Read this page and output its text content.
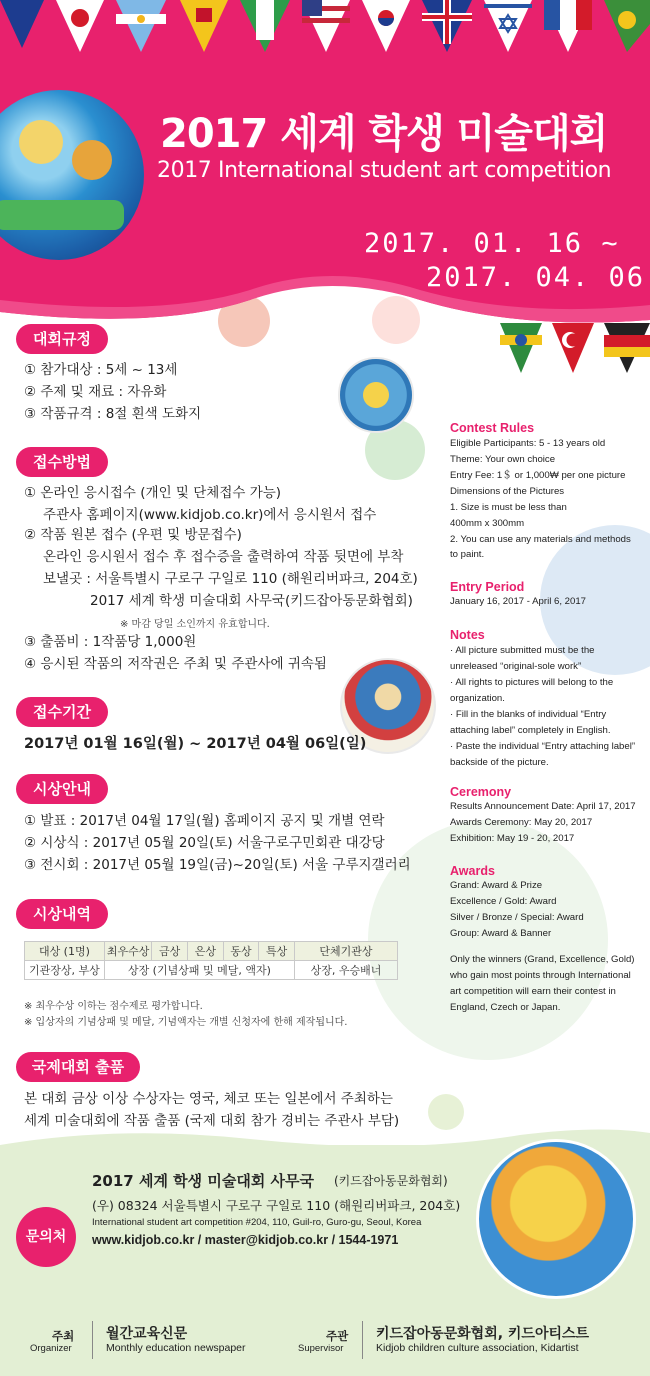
2017 세계 학생 미술대회
2017 International student art competition
2017. 01. 16 ~
2017. 04. 06
대회규정
① 참가대상 : 5세 ~ 13세
② 주제 및 재료 : 자유화
③ 작품규격 : 8절 흰색 도화지
접수방법
① 온라인 응시접수 (개인 및 단체접수 가능)
주관사 홈페이지(www.kidjob.co.kr)에서 응시원서 접수
② 작품 원본 접수 (우편 및 방문접수)
온라인 응시원서 접수 후 접수증을 출력하여 작품 뒷면에 부착
보낼곳 : 서울특별시 구로구 구일로 110 (해원리버파크, 204호)
2017 세계 학생 미술대회 사무국(키드잡아동문화협회)
※ 마감 당일 소인까지 유효합니다.
③ 출품비 : 1작품당 1,000원
④ 응시된 작품의 저작권은 주최 및 주관사에 귀속됨
접수기간
2017년 01월 16일(월) ~ 2017년 04월 06일(일)
시상안내
① 발표 : 2017년 04월 17일(월) 홈페이지 공지 및 개별 연락
② 시상식 : 2017년 05월 20일(토) 서울구로구민회관 대강당
③ 전시회 : 2017년 05월 19일(금)~20일(토) 서울 구루지갤러리
시상내역
대상 (1명)	최우수상	금상	은상	동상	특상	단체기관상
기관장상, 부상	상장 (기념상패 및 메달, 액자)					상장, 우승배너
※ 최우수상 이하는 점수제로 평가합니다.
※ 입상자의 기념상패 및 메달, 기념액자는 개별 신청자에 한해 제작됩니다.
국제대회 출품
본 대회 금상 이상 수상자는 영국, 체코 또는 일본에서 주최하는
세계 미술대회에 작품 출품 (국제 대회 참가 경비는 주관사 부담)
Contest Rules
Eligible Participants: 5 - 13 years old
Theme: Your own choice
Entry Fee: 1＄ or 1,000₩ per one picture
Dimensions of the Pictures
1. Size is must be less than
400mm x 300mm
2. You can use any materials and methods
to paint.
Entry Period
January 16, 2017 - April 6, 2017
Notes
· All picture submitted must be the
unreleased “original-sole work”
· All rights to pictures will belong to the
organization.
· Fill in the blanks of individual “Entry
attaching label” completely in English.
· Paste the individual “Entry attaching label”
backside of the picture.
Ceremony
Results Announcement Date: April 17, 2017
Awards Ceremony: May 20, 2017
Exhibition: May 19 - 20, 2017
Awards
Grand: Award & Prize
Excellence / Gold: Award
Silver / Bronze / Special: Award
Group: Award & Banner
Only the winners (Grand, Excellence, Gold)
who gain most points through International
art competition will earn their contest in
England, Czech or Japan.
문의처
2017 세계 학생 미술대회 사무국 (키드잡아동문화협회)
(우) 08324 서울특별시 구로구 구일로 110 (해원리버파크, 204호)
International student art competition #204, 110, Guil-ro, Guro-gu, Seoul, Korea
www.kidjob.co.kr / master@kidjob.co.kr / 1544-1971
주최
Organizer
월간교육신문
Monthly education newspaper
주관
Supervisor
키드잡아동문화협회, 키드아티스트
Kidjob children culture association, Kidartist
